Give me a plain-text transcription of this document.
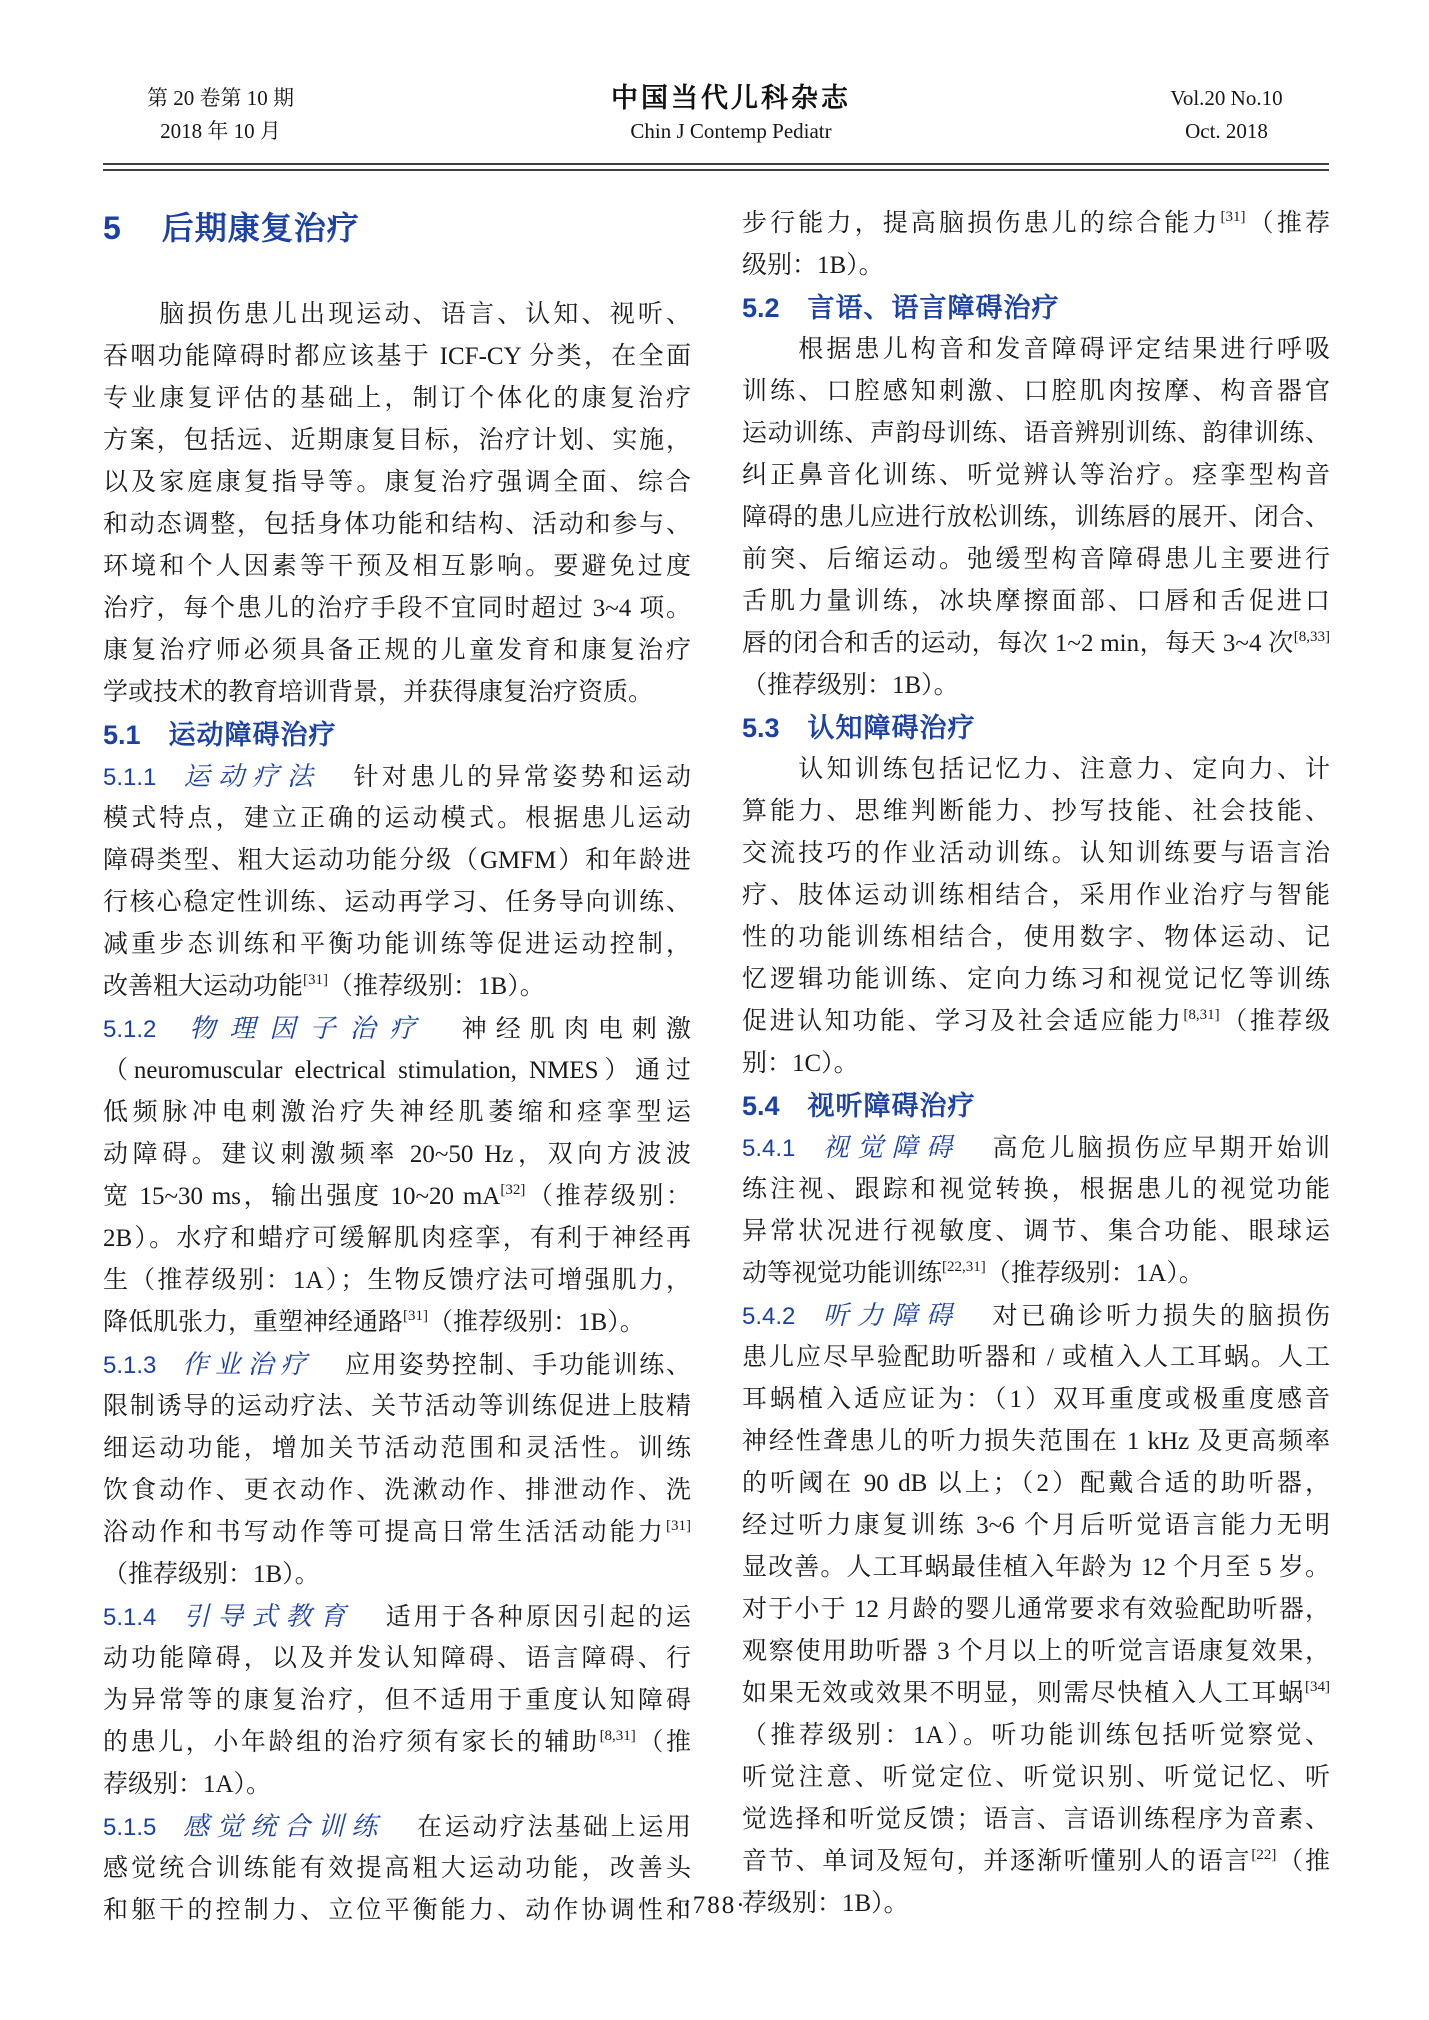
第 20 卷第 10 期
2018 年 10 月
中国当代儿科杂志
Chin J Contemp Pediatr
Vol.20 No.10
Oct. 2018
5 后期康复治疗
　　脑损伤患儿出现运动、语言、认知、视听、
吞咽功能障碍时都应该基于 ICF-CY 分类，在全面
专业康复评估的基础上，制订个体化的康复治疗
方案，包括远、近期康复目标，治疗计划、实施，
以及家庭康复指导等。康复治疗强调全面、综合
和动态调整，包括身体功能和结构、活动和参与、
环境和个人因素等干预及相互影响。要避免过度
治疗，每个患儿的治疗手段不宜同时超过 3~4 项。
康复治疗师必须具备正规的儿童发育和康复治疗
学或技术的教育培训背景，并获得康复治疗资质。
5.1 运动障碍治疗
5.1.1 运动疗法 针对患儿的异常姿势和运动
模式特点，建立正确的运动模式。根据患儿运动
障碍类型、粗大运动功能分级（GMFM）和年龄进
行核心稳定性训练、运动再学习、任务导向训练、
减重步态训练和平衡功能训练等促进运动控制，
改善粗大运动功能[31]（推荐级别：1B）。
5.1.2 物理因子治疗 神经肌肉电刺激
（neuromuscular electrical stimulation, NMES）通过
低频脉冲电刺激治疗失神经肌萎缩和痉挛型运
动障碍。建议刺激频率 20~50 Hz，双向方波波
宽 15~30 ms，输出强度 10~20 mA[32]（推荐级别：
2B）。水疗和蜡疗可缓解肌肉痉挛，有利于神经再
生（推荐级别：1A）；生物反馈疗法可增强肌力，
降低肌张力，重塑神经通路[31]（推荐级别：1B）。
5.1.3 作业治疗 应用姿势控制、手功能训练、
限制诱导的运动疗法、关节活动等训练促进上肢精
细运动功能，增加关节活动范围和灵活性。训练
饮食动作、更衣动作、洗漱动作、排泄动作、洗
浴动作和书写动作等可提高日常生活活动能力[31]
（推荐级别：1B）。
5.1.4 引导式教育 适用于各种原因引起的运
动功能障碍，以及并发认知障碍、语言障碍、行
为异常等的康复治疗，但不适用于重度认知障碍
的患儿，小年龄组的治疗须有家长的辅助[8,31]（推
荐级别：1A）。
5.1.5 感觉统合训练 在运动疗法基础上运用
感觉统合训练能有效提高粗大运动功能，改善头
和躯干的控制力、立位平衡能力、动作协调性和
步行能力，提高脑损伤患儿的综合能力[31]（推荐
级别：1B）。
5.2 言语、语言障碍治疗
　　根据患儿构音和发音障碍评定结果进行呼吸
训练、口腔感知刺激、口腔肌肉按摩、构音器官
运动训练、声韵母训练、语音辨别训练、韵律训练、
纠正鼻音化训练、听觉辨认等治疗。痉挛型构音
障碍的患儿应进行放松训练，训练唇的展开、闭合、
前突、后缩运动。弛缓型构音障碍患儿主要进行
舌肌力量训练，冰块摩擦面部、口唇和舌促进口
唇的闭合和舌的运动，每次 1~2 min，每天 3~4 次[8,33]
（推荐级别：1B）。
5.3 认知障碍治疗
　　认知训练包括记忆力、注意力、定向力、计
算能力、思维判断能力、抄写技能、社会技能、
交流技巧的作业活动训练。认知训练要与语言治
疗、肢体运动训练相结合，采用作业治疗与智能
性的功能训练相结合，使用数字、物体运动、记
忆逻辑功能训练、定向力练习和视觉记忆等训练
促进认知功能、学习及社会适应能力[8,31]（推荐级
别：1C）。
5.4 视听障碍治疗
5.4.1 视觉障碍 高危儿脑损伤应早期开始训
练注视、跟踪和视觉转换，根据患儿的视觉功能
异常状况进行视敏度、调节、集合功能、眼球运
动等视觉功能训练[22,31]（推荐级别：1A）。
5.4.2 听力障碍 对已确诊听力损失的脑损伤
患儿应尽早验配助听器和 / 或植入人工耳蜗。人工
耳蜗植入适应证为：（1）双耳重度或极重度感音
神经性聋患儿的听力损失范围在 1 kHz 及更高频率
的听阈在 90 dB 以上；（2）配戴合适的助听器，
经过听力康复训练 3~6 个月后听觉语言能力无明
显改善。人工耳蜗最佳植入年龄为 12 个月至 5 岁。
对于小于 12 月龄的婴儿通常要求有效验配助听器，
观察使用助听器 3 个月以上的听觉言语康复效果，
如果无效或效果不明显，则需尽快植入人工耳蜗[34]
（推荐级别：1A）。听功能训练包括听觉察觉、
听觉注意、听觉定位、听觉识别、听觉记忆、听
觉选择和听觉反馈；语言、言语训练程序为音素、
音节、单词及短句，并逐渐听懂别人的语言[22]（推
荐级别：1B）。
·788·
